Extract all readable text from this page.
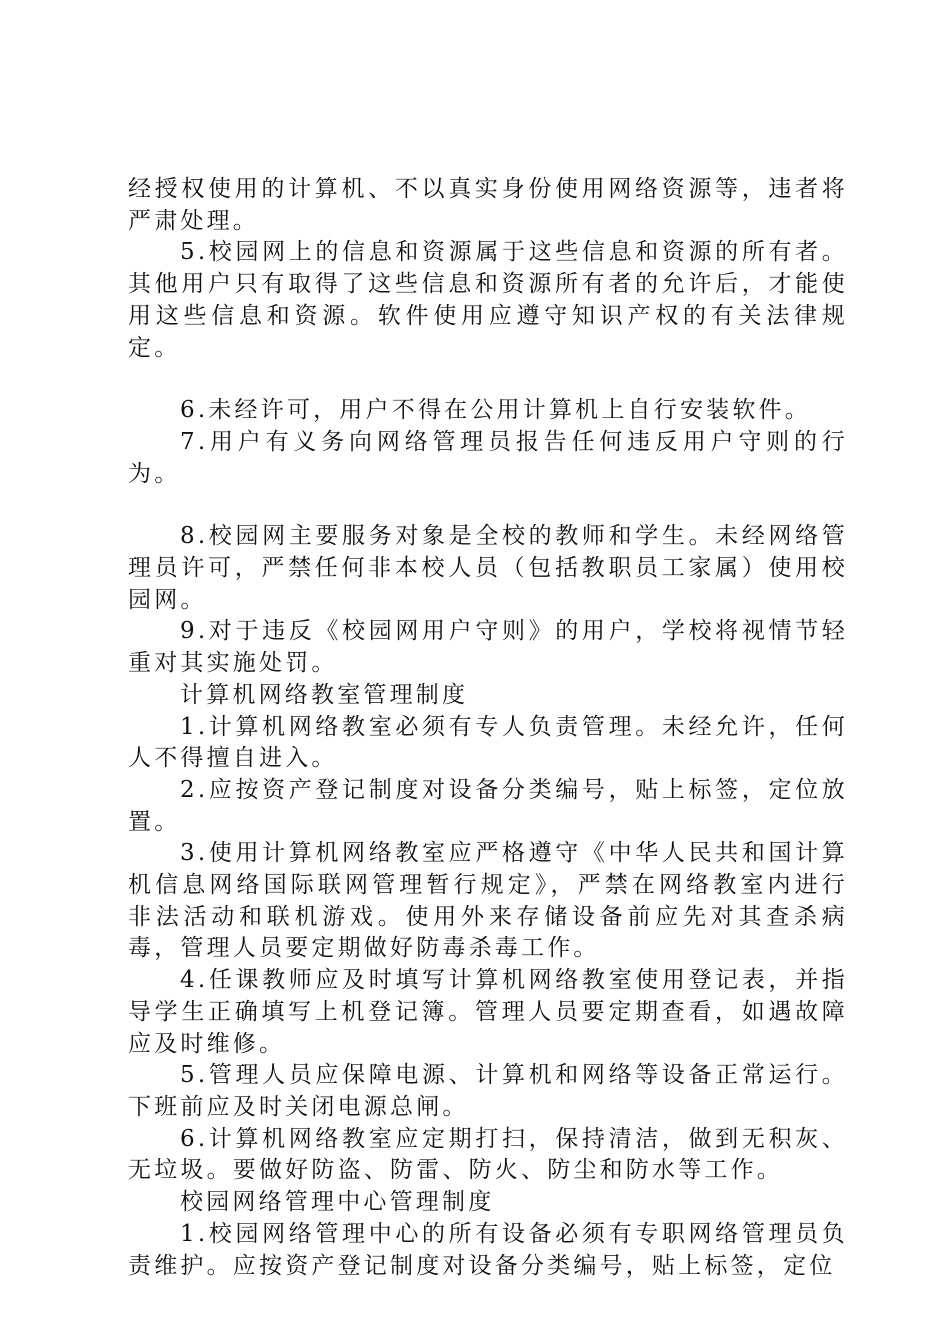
经授权使用的计算机、不以真实身份使用网络资源等，违者将严肃处理。

5.校园网上的信息和资源属于这些信息和资源的所有者。其他用户只有取得了这些信息和资源所有者的允许后，才能使用这些信息和资源。软件使用应遵守知识产权的有关法律规定。

6.未经许可，用户不得在公用计算机上自行安装软件。

7.用户有义务向网络管理员报告任何违反用户守则的行为。

8.校园网主要服务对象是全校的教师和学生。未经网络管理员许可，严禁任何非本校人员（包括教职员工家属）使用校园网。

9.对于违反《校园网用户守则》的用户，学校将视情节轻重对其实施处罚。

计算机网络教室管理制度

1.计算机网络教室必须有专人负责管理。未经允许，任何人不得擅自进入。

2.应按资产登记制度对设备分类编号，贴上标签，定位放置。

3.使用计算机网络教室应严格遵守《中华人民共和国计算机信息网络国际联网管理暂行规定》，严禁在网络教室内进行非法活动和联机游戏。使用外来存储设备前应先对其查杀病毒，管理人员要定期做好防毒杀毒工作。

4.任课教师应及时填写计算机网络教室使用登记表，并指导学生正确填写上机登记簿。管理人员要定期查看，如遇故障应及时维修。

5.管理人员应保障电源、计算机和网络等设备正常运行。下班前应及时关闭电源总闸。

6.计算机网络教室应定期打扫，保持清洁，做到无积灰、无垃圾。要做好防盗、防雷、防火、防尘和防水等工作。

校园网络管理中心管理制度

1.校园网络管理中心的所有设备必须有专职网络管理员负责维护。应按资产登记制度对设备分类编号，贴上标签，定位
